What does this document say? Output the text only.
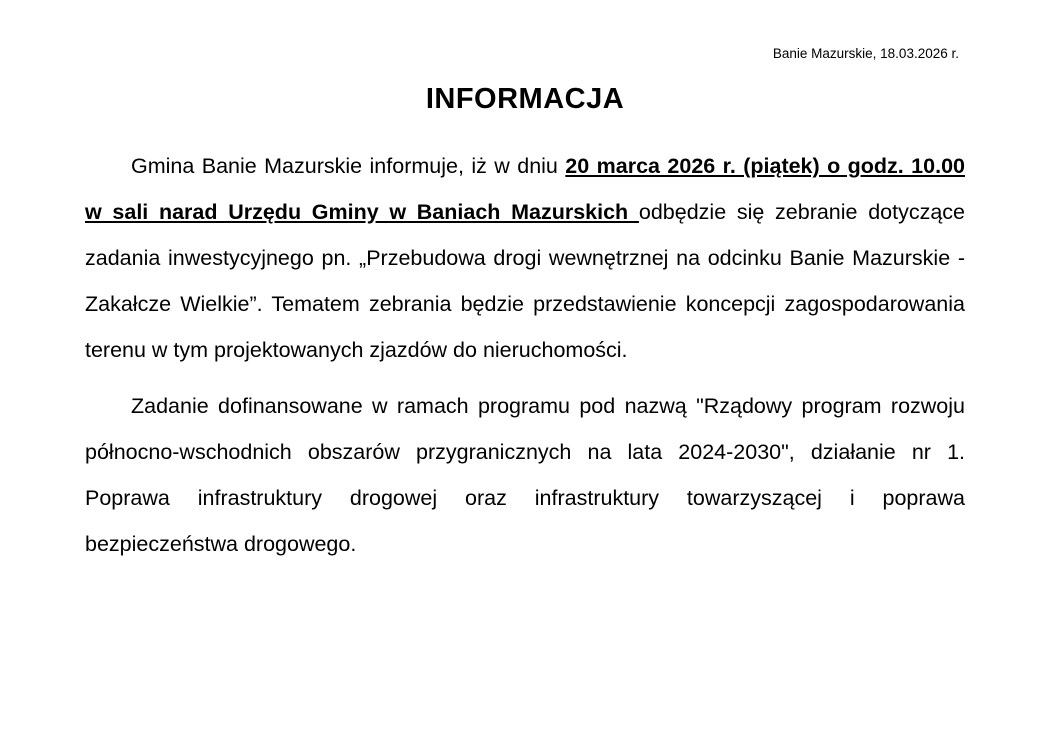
Banie Mazurskie, 18.03.2026 r.
INFORMACJA

Gmina Banie Mazurskie informuje, iż w dniu 20 marca 2026 r. (piątek) o godz. 10.00 w sali narad Urzędu Gminy w Baniach Mazurskich odbędzie się zebranie dotyczące zadania inwestycyjnego pn. „Przebudowa drogi wewnętrznej na odcinku Banie Mazurskie - Zakałcze Wielkie”. Tematem zebrania będzie przedstawienie koncepcji zagospodarowania terenu w tym projektowanych zjazdów do nieruchomości.

Zadanie dofinansowane w ramach programu pod nazwą "Rządowy program rozwoju północno-wschodnich obszarów przygranicznych na lata 2024-2030", działanie nr 1. Poprawa infrastruktury drogowej oraz infrastruktury towarzyszącej i poprawa bezpieczeństwa drogowego.
